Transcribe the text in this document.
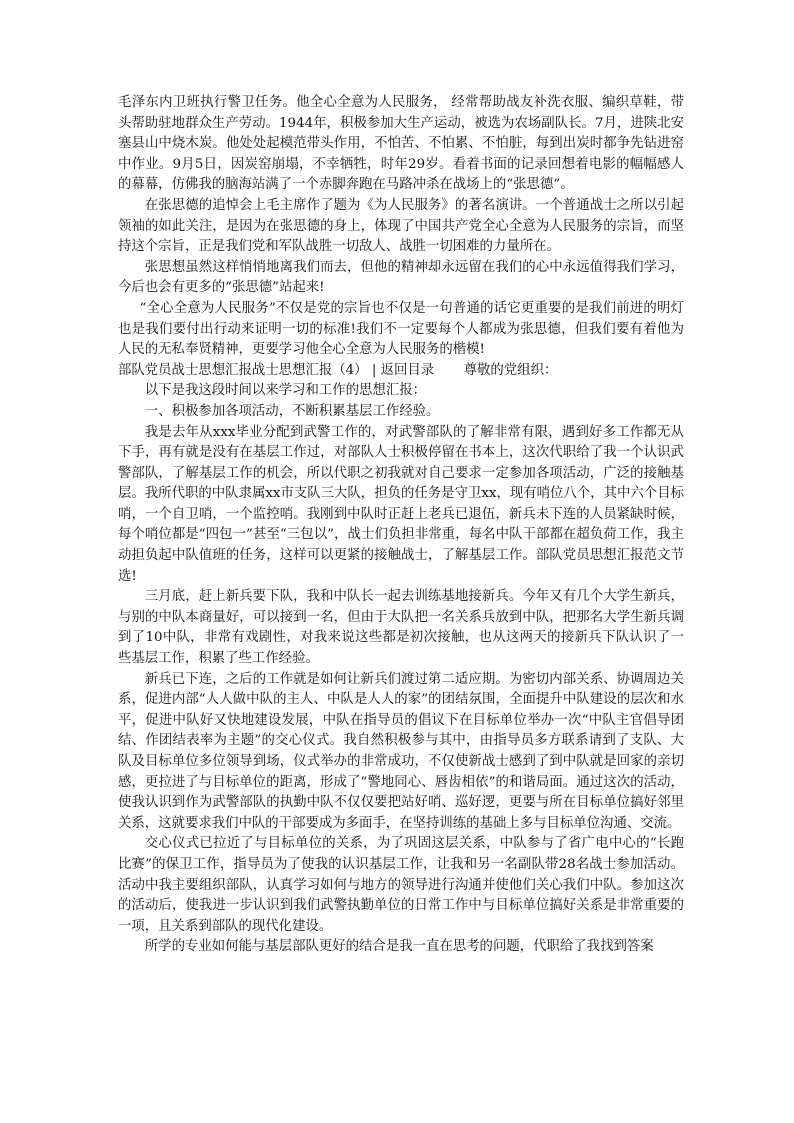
毛泽东内卫班执行警卫任务。他全心全意为人民服务， 经常帮助战友补洗衣服、编织草鞋，带头帮助驻地群众生产劳动。1944年，积极参加大生产运动，被选为农场副队长。7月，进陕北安塞县山中烧木炭。他处处起模范带头作用，不怕苦、不怕累、不怕脏，每到出炭时都争先钻进窑中作业。9月5日，因炭窑崩塌，不幸牺牲，时年29岁。看着书面的记录回想着电影的幅幅感人的幕幕，仿佛我的脑海站满了一个赤脚奔跑在马路冲杀在战场上的“张思德”。

在张思德的追悼会上毛主席作了题为《为人民服务》的著名演讲。一个普通战士之所以引起领袖的如此关注，是因为在张思德的身上，体现了中国共产党全心全意为人民服务的宗旨，而坚持这个宗旨，正是我们党和军队战胜一切敌人、战胜一切困难的力量所在。

张思想虽然这样悄悄地离我们而去，但他的精神却永远留在我们的心中永远值得我们学习，今后也会有更多的“张思德”站起来!

“全心全意为人民服务”不仅是党的宗旨也不仅是一句普通的话它更重要的是我们前进的明灯也是我们要付出行动来证明一切的标准!我们不一定要每个人都成为张思德，但我们要有着他为人民的无私奉贤精神，更要学习他全心全意为人民服务的楷模!

部队党员战士思想汇报战士思想汇报（4） | 返回目录 尊敬的党组织：

以下是我这段时间以来学习和工作的思想汇报：

一、积极参加各项活动，不断积累基层工作经验。

我是去年从xxx毕业分配到武警工作的，对武警部队的了解非常有限，遇到好多工作都无从下手，再有就是没有在基层工作过，对部队人士积极停留在书本上，这次代职给了我一个认识武警部队，了解基层工作的机会，所以代职之初我就对自己要求一定参加各项活动，广泛的接触基层。我所代职的中队隶属xx市支队三大队，担负的任务是守卫xx，现有哨位八个，其中六个目标哨，一个自卫哨，一个监控哨。我刚到中队时正赶上老兵已退伍，新兵未下连的人员紧缺时候，每个哨位都是“四包一”甚至“三包以”，战士们负担非常重，每名中队干部都在超负荷工作，我主动担负起中队值班的任务，这样可以更紧的接触战士，了解基层工作。部队党员思想汇报范文节选!

三月底，赶上新兵要下队，我和中队长一起去训练基地接新兵。今年又有几个大学生新兵，与别的中队本商量好，可以接到一名，但由于大队把一名关系兵放到中队，把那名大学生新兵调到了10中队，非常有戏剧性，对我来说这些都是初次接触，也从这两天的接新兵下队认识了一些基层工作，积累了些工作经验。

新兵已下连，之后的工作就是如何让新兵们渡过第二适应期。为密切内部关系、协调周边关系，促进内部“人人做中队的主人、中队是人人的家”的团结氛围，全面提升中队建设的层次和水平，促进中队好又快地建设发展，中队在指导员的倡议下在目标单位举办一次“中队主官倡导团结、作团结表率为主题”的交心仪式。我自然积极参与其中，由指导员多方联系请到了支队、大队及目标单位多位领导到场，仪式举办的非常成功，不仅使新战士感到了到中队就是回家的亲切感，更拉进了与目标单位的距离，形成了“警地同心、唇齿相依”的和谐局面。通过这次的活动，使我认识到作为武警部队的执勤中队不仅仅要把站好哨、巡好逻，更要与所在目标单位搞好邻里关系，这就要求我们中队的干部要成为多面手，在坚持训练的基础上多与目标单位沟通、交流。

交心仪式已拉近了与目标单位的关系，为了巩固这层关系，中队参与了省广电中心的“长跑比赛”的保卫工作，指导员为了使我的认识基层工作，让我和另一名副队带28名战士参加活动。活动中我主要组织部队，认真学习如何与地方的领导进行沟通并使他们关心我们中队。参加这次的活动后，使我进一步认识到我们武警执勤单位的日常工作中与目标单位搞好关系是非常重要的一项，且关系到部队的现代化建设。

所学的专业如何能与基层部队更好的结合是我一直在思考的问题，代职给了我找到答案
